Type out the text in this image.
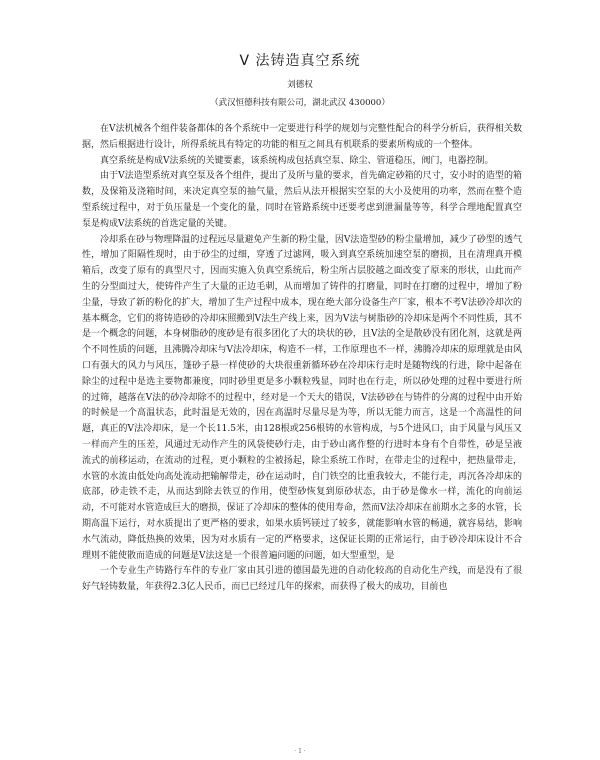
V 法铸造真空系统
刘德权
（武汉恒德科技有限公司，湖北武汉 430000）

在V法机械各个组件装备都体的各个系统中一定要进行科学的规划与完整性配合的科学分析后，获得相关数据，然后根据进行设计，所得系统具有特定的功能的相互之间具有机联系的要素所构成的一个整体。

真空系统是构成V法系统的关键要素，该系统构成包括真空泵、除尘、管道稳压，阀门，电器控制。

由于V法造型系统对真空泵及各个组件，提出了及所与量的要求，首先确定砂箱的尺寸，安小时的造型的箱数，及保箱及浇箱时间，来决定真空泵的抽气量，然后从法开根据实空泵的大小及使用的功率，然而在整个造型系统过程中，对于负压量是一个变化的量，同时在管路系统中还要考虑到泄漏量等等，科学合理地配置真空泵是构成V法系统的首选定量的关键。

冷却系在砂与物理降温的过程远尽量避免产生新的粉尘量，因V法造型砂的粉尘量增加，减少了砂型的透气性，增加了阳隔性现时，由于砂尘的过细，穿透了过滤网，吸入到真空系统加速空泵的磨损，且在清理真开模箱后，改变了原有的真型尺寸，因而实施入负真空系统后，粉尘所占层胶越之面改变了原来的形状，山此而产生的分型面过大，使铸件产生了大量的正边毛刺，从而增加了铸件的打磨量，同时在打磨的过程中，增加了粉尘量，导致了新的粉化的扩大，增加了生产过程中成本，现在绝大部分设备生产厂家，根本不考V法砂冷却次的基本概念，它们的将铸造砂的冷却床照搬到V法生产线上来，因为V法与树脂砂的冷却床是两个不同性质，其不是一个概念的问题，本身树脂砂的度砂是有很多团化了大的块状的砂，且V法的全是散砂没有团化剂，这就是两个不同性质的问题，且沸腾冷却床与V法冷却床，构造不一样，工作原理也不一样，沸腾冷却床的原理就是由风口有强大的风力与风压，篷砂子悬一样使砂的大块很重新循环砂在冷却床行走时是随物线的行进，除中起备在除尘的过程中是选主要物都兼度，同时砂里更是多小颗粒残显，同时也在行走，所以砂处理的过程中要进行所的过筛，越落在V法的砂冷却除不的过程中，经对是一个天大的错误，V法砂砂在与铸件的分离的过程中由开始的时候是一个高温状态，此时温是无效的，因在高温时尽量尽是为等，所以无能力而言，这是一个高温性的问题，真正的V法冷却床，是一个长11.5米，由128根或256根铸的水管构成，与5个进风口，由于风量与风压又一样而产生的压差，风通过无动作产生的风袋使砂行走，由于砂山离作整的行进时本身有个自带性，砂是呈液流式的前移运动，在流动的过程，更小颗粒的尘被扬起，除尘系统工作时，在带走尘的过程中，把热量带走，水管的水流由低处向高处流动把输解带走，砂在运动时，自门铁空的比重我较大，不能行走，再沉各冷却床的底部，砂走铁不走，从而达到除去铁豆的作用，使型砂恢复到原砂状态，由于砂是像水一样，流化的向前运动，不可能对水管造成巨大的磨损，保证了冷却床的整体的使用寿命，然而V法冷却床在前期水之多的水管，长期高温下运行，对水质提出了更严格的要求，如果水质钙镁过了较多，就能影响水管的畅通，就容易结，影响水气流动，降低热换的效果，因为对水质有一定的严格要求，这保证长期的正常运行，由于砂冷却床设计不合理则不能使散而造成的问题是V法这是一个很普遍问题的问题，如大型重型，是

一个专业生产铸路行车件的专业厂家由其引进的德国最先进的自动化较高的自动化生产线，而是没有了很好气轻铸数量，年获得2.3亿人民币，而已已经过几年的探索，而获得了极大的成功，目前也

· 1 ·
